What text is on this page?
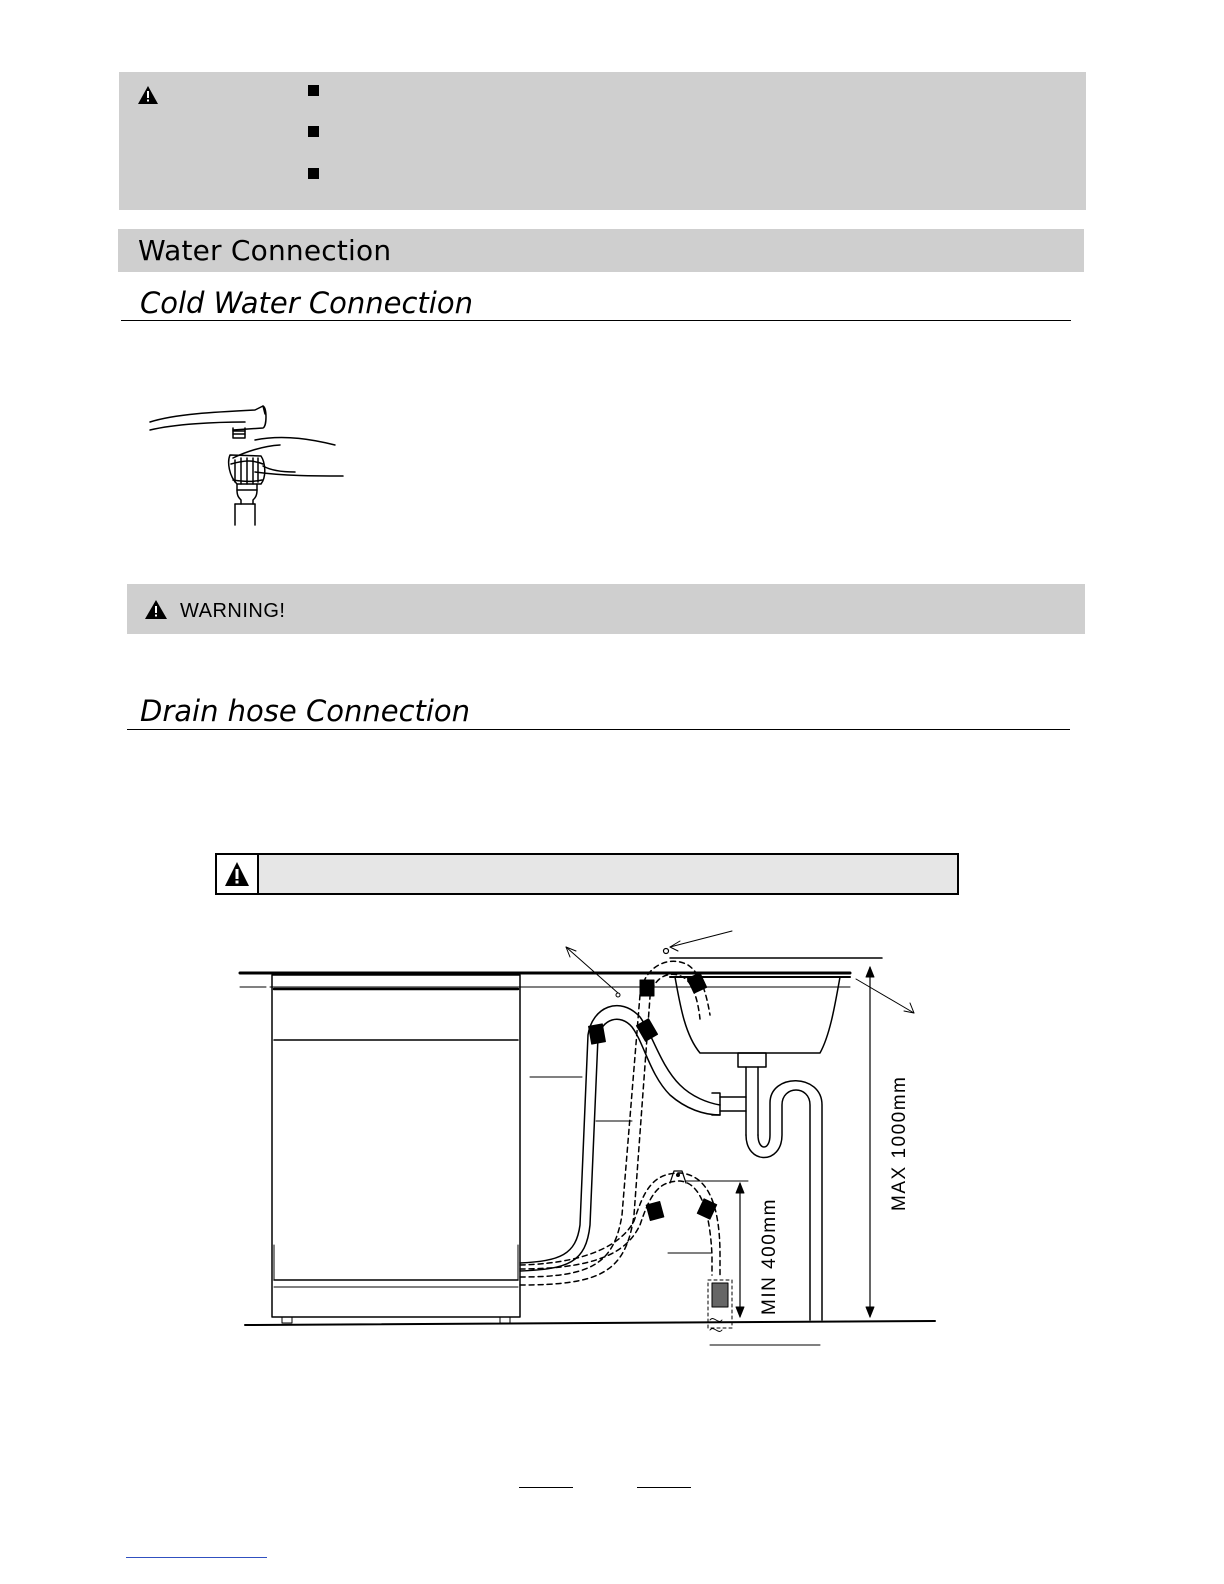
Water Connection
Cold Water Connection
WARNING!
Drain hose Connection
MAX 1000mm
MIN 400mm
